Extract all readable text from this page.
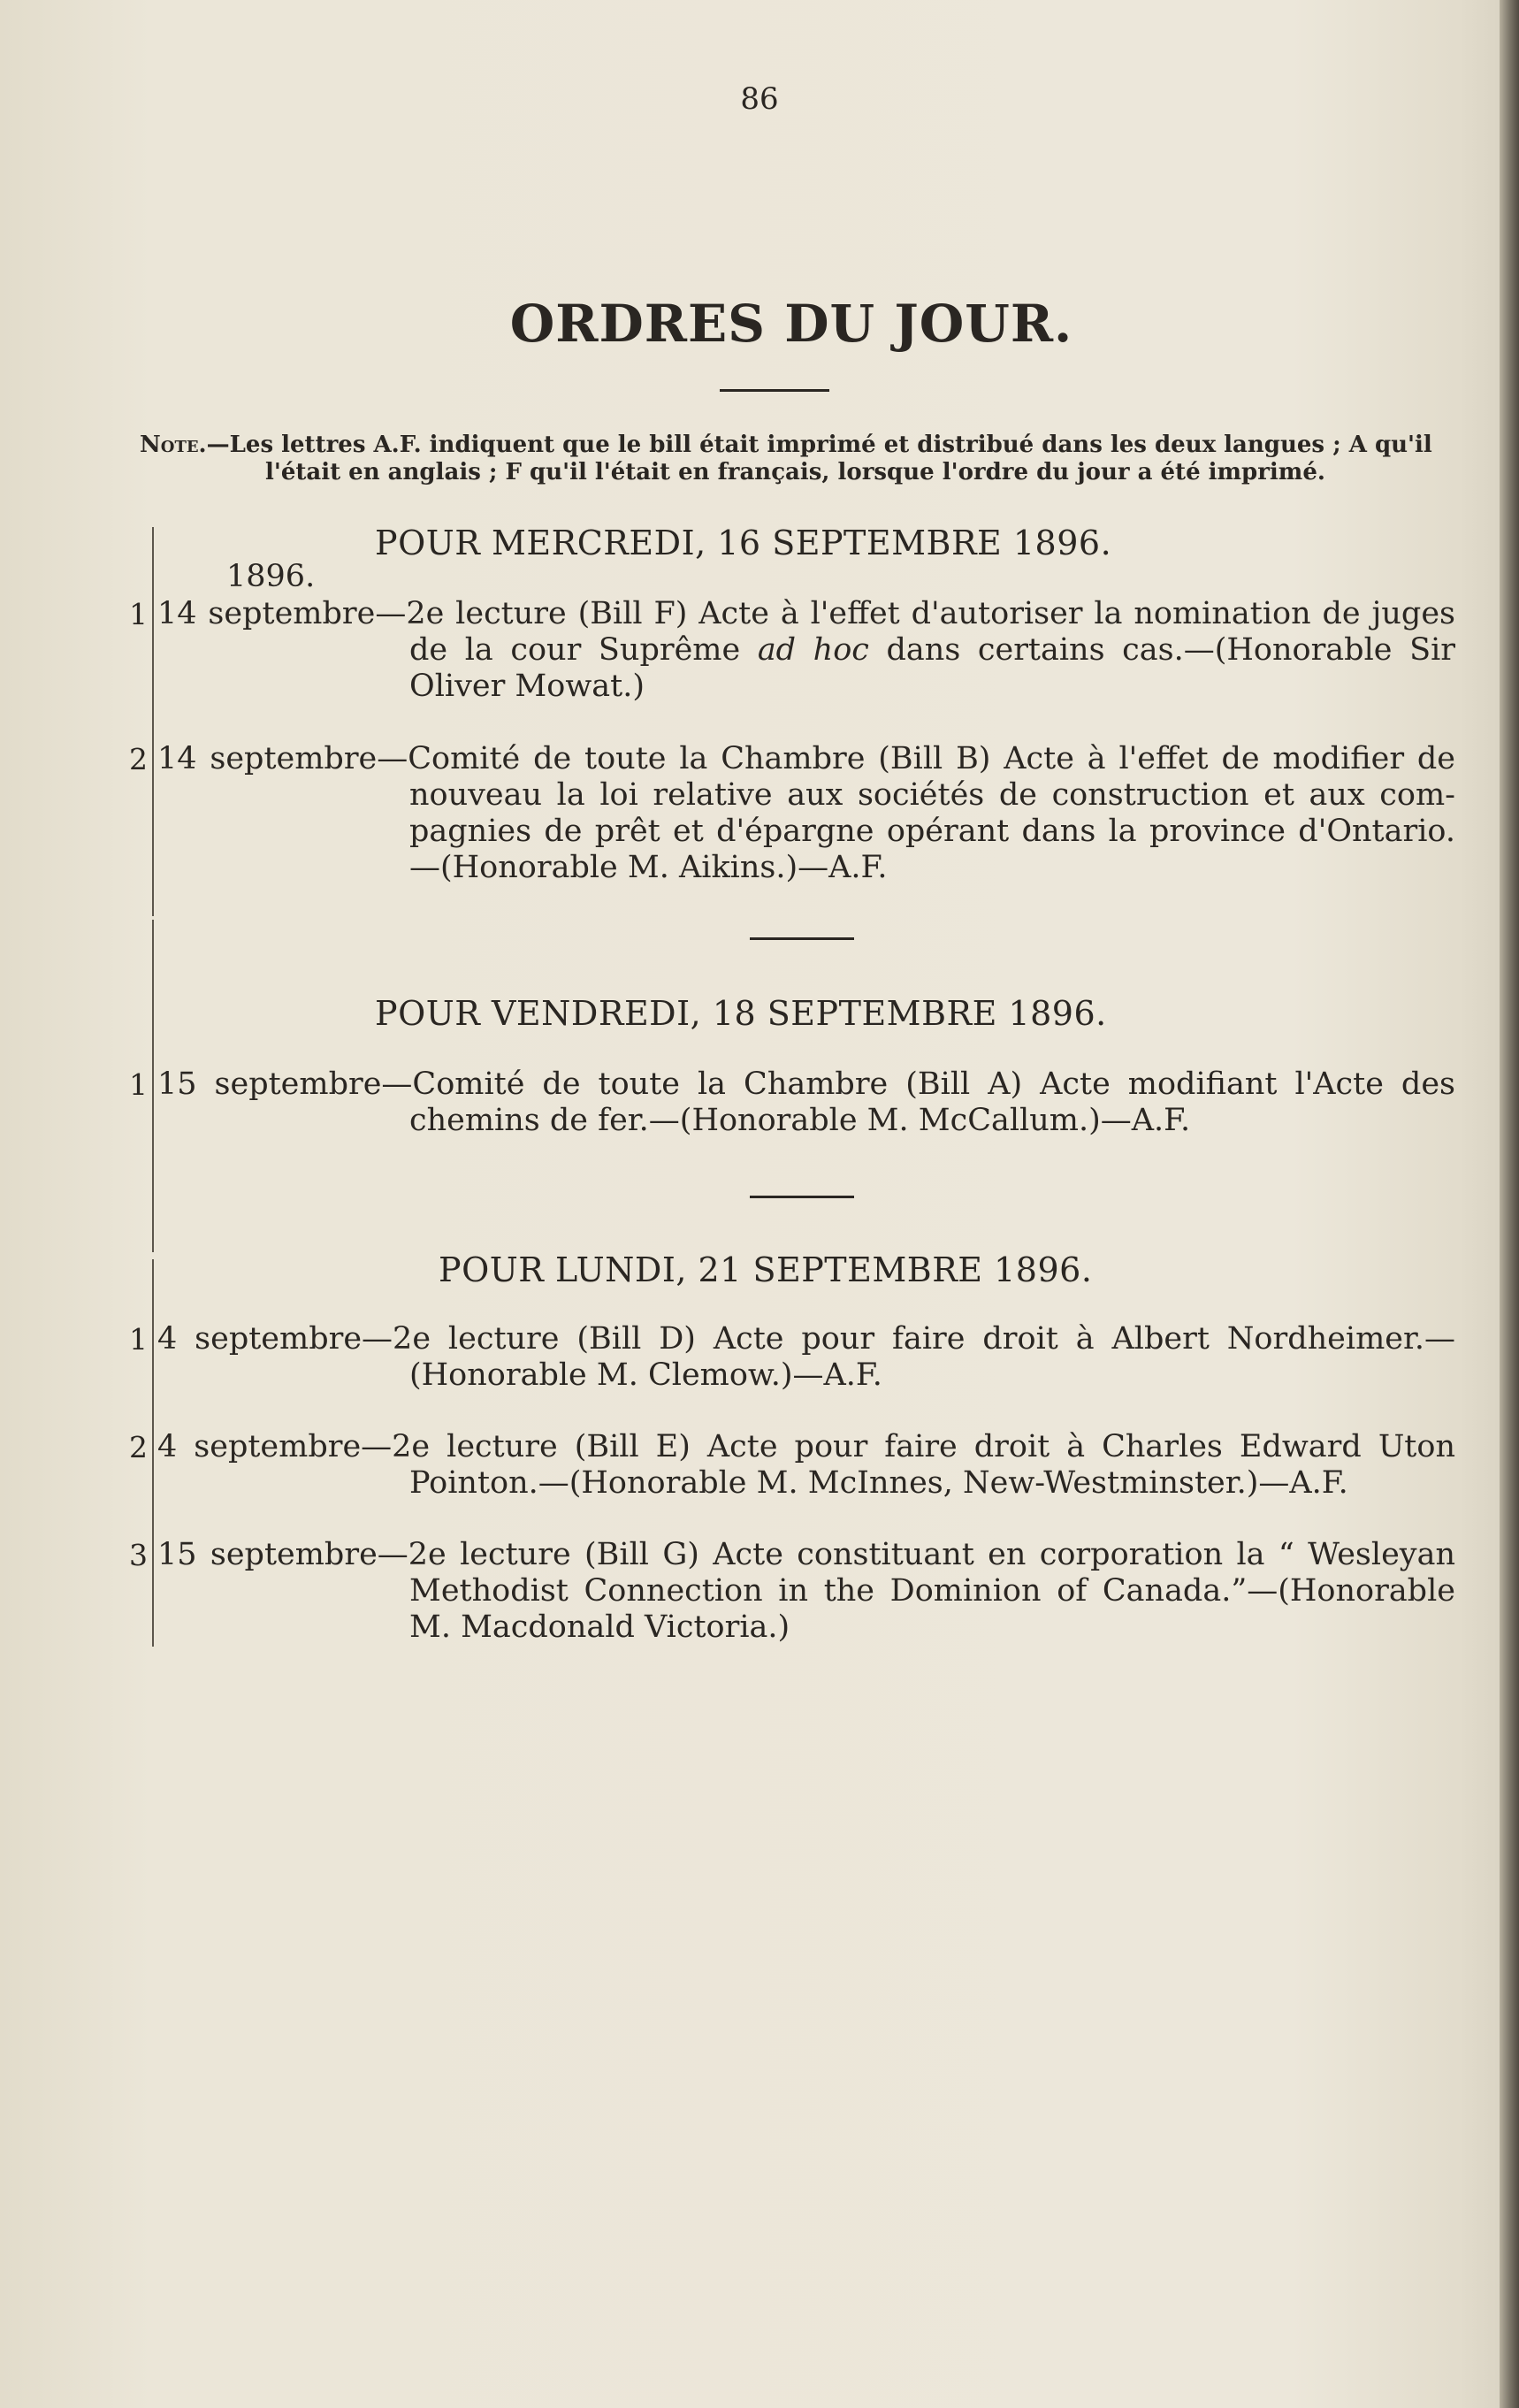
86
ORDRES DU JOUR.
Note.—Les lettres A.F. indiquent que le bill était imprimé et distribué dans les deux langues ; A qu'il
l'était en anglais ; F qu'il l'était en français, lorsque l'ordre du jour a été imprimé.
POUR MERCREDI, 16 SEPTEMBRE 1896.
1896.
1 14 septembre—2e lecture (Bill F) Acte à l'effet d'autoriser la nomination de juges
de la cour Suprême ad hoc dans certains cas.—(Honorable Sir
Oliver Mowat.)
2 14 septembre—Comité de toute la Chambre (Bill B) Acte à l'effet de modifier de
nouveau la loi relative aux sociétés de construction et aux com-
pagnies de prêt et d'épargne opérant dans la province d'Ontario.
—(Honorable M. Aikins.)—A.F.
POUR VENDREDI, 18 SEPTEMBRE 1896.
1 15 septembre—Comité de toute la Chambre (Bill A) Acte modifiant l'Acte des
chemins de fer.—(Honorable M. McCallum.)—A.F.
POUR LUNDI, 21 SEPTEMBRE 1896.
1 4 septembre—2e lecture (Bill D) Acte pour faire droit à Albert Nordheimer.—
(Honorable M. Clemow.)—A.F.
2 4 septembre—2e lecture (Bill E) Acte pour faire droit à Charles Edward Uton
Pointon.—(Honorable M. McInnes, New-Westminster.)—A.F.
3 15 septembre—2e lecture (Bill G) Acte constituant en corporation la “ Wesleyan
Methodist Connection in the Dominion of Canada.”—(Honorable
M. Macdonald Victoria.)
